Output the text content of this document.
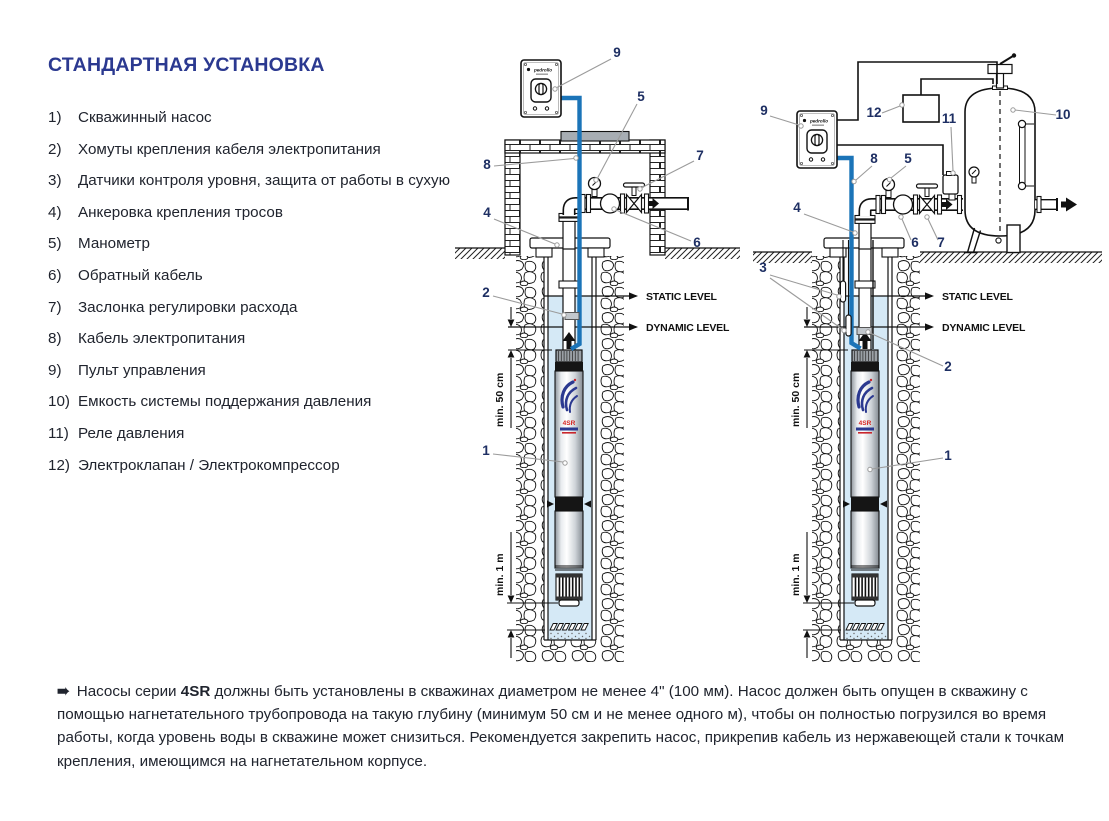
СТАНДАРТНАЯ УСТАНОВКА
1)	Скважинный насос
2)	Хомуты крепления кабеля электропитания
3)	Датчики контроля уровня, защита от работы в сухую
4)	Анкеровка крепления тросов
5)	Манометр
6)	Обратный кабель
7)	Заслонка регулировки расхода
8)	Кабель электропитания
9)	Пульт управления
10) Емкость системы поддержания давления
11) Реле давления
12) Электроклапан / Электрокомпрессор
9
5
8
7
4
6
2
1
9	12	11	10
8 5
4
3
6 7
2
1

➠ Насосы серии 4SR должны быть установлены в скважинах диаметром не менее 4" (100 мм). Насос должен быть опущен в скважину с помощью нагнетательного трубопровода на такую глубину (минимум 50 см и не менее одного м), чтобы он полностью погрузился во время работы, когда уровень воды в скважине может снизиться. Рекомендуется закрепить насос, прикрепив кабель из нержавеющей стали к точкам крепления, имеющимся на нагнетательном корпусе.
